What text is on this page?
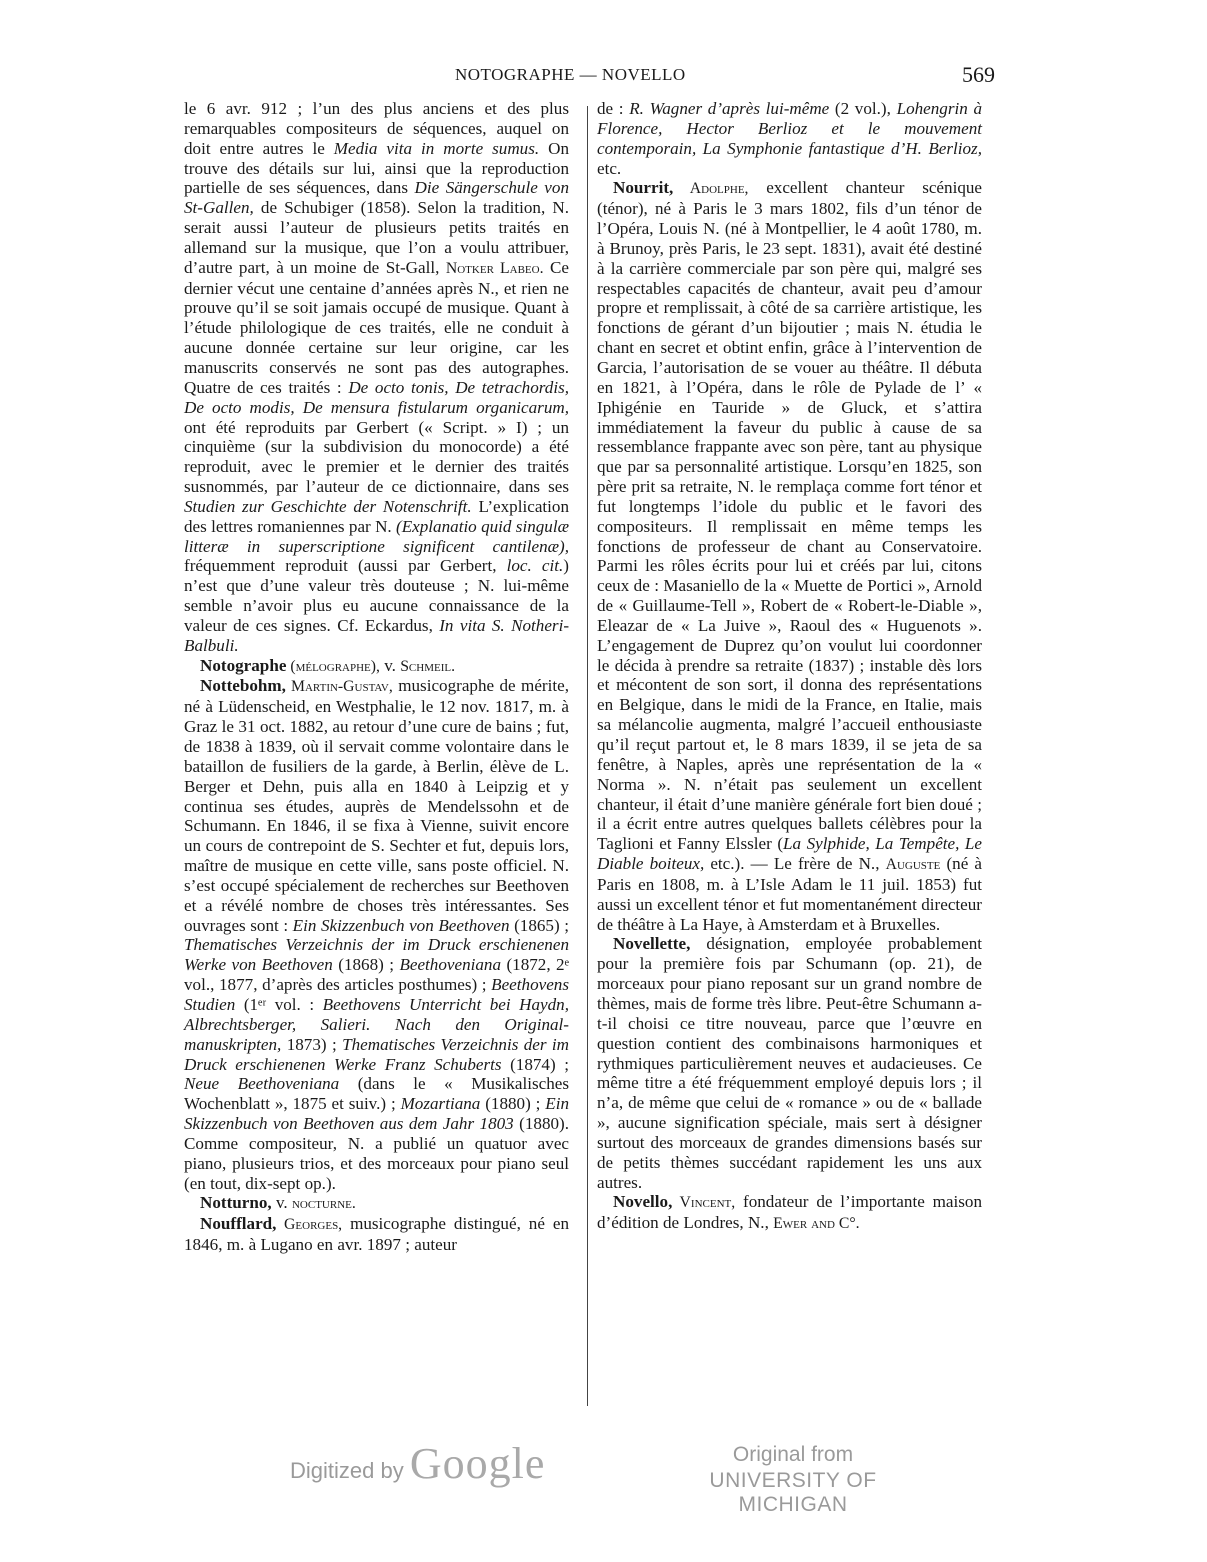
NOTOGRAPHE — NOVELLO	569

le 6 avr. 912 ; l’un des plus anciens et des plus remarquables compositeurs de séquences, auquel on doit entre autres le Media vita in morte sumus. On trouve des détails sur lui, ainsi que la reproduction partielle de ses séquences, dans Die Sängerschule von St-Gallen, de Schubiger (1858). Selon la tradition, N. serait aussi l’auteur de plusieurs petits traités en allemand sur la musique, que l’on a voulu attribuer, d’autre part, à un moine de St-Gall, Notker Labeo. Ce dernier vécut une centaine d’années après N., et rien ne prouve qu’il se soit jamais occupé de musique. Quant à l’étude philologique de ces traités, elle ne conduit à aucune donnée certaine sur leur origine, car les manuscrits conservés ne sont pas des autographes. Quatre de ces traités : De octo tonis, De tetrachordis, De octo modis, De mensura fistularum organicarum, ont été reproduits par Gerbert (« Script. » I) ; un cinquième (sur la subdivision du monocorde) a été reproduit, avec le premier et le dernier des traités susnommés, par l’auteur de ce dictionnaire, dans ses Studien zur Geschichte der Notenschrift. L’explication des lettres romaniennes par N. (Explanatio quid singulæ litteræ in superscriptione significent cantilenæ), fréquemment reproduit (aussi par Gerbert, loc. cit.) n’est que d’une valeur très douteuse ; N. lui-même semble n’avoir plus eu aucune connaissance de la valeur de ces signes. Cf. Eckardus, In vita S. Notheri-Balbuli.

Notographe (mélographe), v. Schmeil.

Nottebohm, Martin-Gustav, musicographe de mérite, né à Lüdenscheid, en Westphalie, le 12 nov. 1817, m. à Graz le 31 oct. 1882, au retour d’une cure de bains ; fut, de 1838 à 1839, où il servait comme volontaire dans le bataillon de fusiliers de la garde, à Berlin, élève de L. Berger et Dehn, puis alla en 1840 à Leipzig et y continua ses études, auprès de Mendelssohn et de Schumann. En 1846, il se fixa à Vienne, suivit encore un cours de contrepoint de S. Sechter et fut, depuis lors, maître de musique en cette ville, sans poste officiel. N. s’est occupé spécialement de recherches sur Beethoven et a révélé nombre de choses très intéressantes. Ses ouvrages sont : Ein Skizzenbuch von Beethoven (1865) ; Thematisches Verzeichnis der im Druck erschienenen Werke von Beethoven (1868) ; Beethoveniana (1872, 2ᵉ vol., 1877, d’après des articles posthumes) ; Beethovens Studien (1ᵉʳ vol. : Beethovens Unterricht bei Haydn, Albrechtsberger, Salieri. Nach den Original-manuskripten, 1873) ; Thematisches Verzeichnis der im Druck erschienenen Werke Franz Schuberts (1874) ; Neue Beethoveniana (dans le « Musikalisches Wochenblatt », 1875 et suiv.) ; Mozartiana (1880) ; Ein Skizzenbuch von Beethoven aus dem Jahr 1803 (1880). Comme compositeur, N. a publié un quatuor avec piano, plusieurs trios, et des morceaux pour piano seul (en tout, dix-sept op.).

Notturno, v. nocturne.

Noufflard, Georges, musicographe distingué, né en 1846, m. à Lugano en avr. 1897 ; auteur

de : R. Wagner d’après lui-même (2 vol.), Lohengrin à Florence, Hector Berlioz et le mouvement contemporain, La Symphonie fantastique d’H. Berlioz, etc.

Nourrit, Adolphe, excellent chanteur scénique (ténor), né à Paris le 3 mars 1802, fils d’un ténor de l’Opéra, Louis N. (né à Montpellier, le 4 août 1780, m. à Brunoy, près Paris, le 23 sept. 1831), avait été destiné à la carrière commerciale par son père qui, malgré ses respectables capacités de chanteur, avait peu d’amour propre et remplissait, à côté de sa carrière artistique, les fonctions de gérant d’un bijoutier ; mais N. étudia le chant en secret et obtint enfin, grâce à l’intervention de Garcia, l’autorisation de se vouer au théâtre. Il débuta en 1821, à l’Opéra, dans le rôle de Pylade de l’ « Iphigénie en Tauride » de Gluck, et s’attira immédiatement la faveur du public à cause de sa ressemblance frappante avec son père, tant au physique que par sa personnalité artistique. Lorsqu’en 1825, son père prit sa retraite, N. le remplaça comme fort ténor et fut longtemps l’idole du public et le favori des compositeurs. Il remplissait en même temps les fonctions de professeur de chant au Conservatoire. Parmi les rôles écrits pour lui et créés par lui, citons ceux de : Masaniello de la « Muette de Portici », Arnold de « Guillaume-Tell », Robert de « Robert-le-Diable », Eleazar de « La Juive », Raoul des « Huguenots ». L’engagement de Duprez qu’on voulut lui coordonner le décida à prendre sa retraite (1837) ; instable dès lors et mécontent de son sort, il donna des représentations en Belgique, dans le midi de la France, en Italie, mais sa mélancolie augmenta, malgré l’accueil enthousiaste qu’il reçut partout et, le 8 mars 1839, il se jeta de sa fenêtre, à Naples, après une représentation de la « Norma ». N. n’était pas seulement un excellent chanteur, il était d’une manière générale fort bien doué ; il a écrit entre autres quelques ballets célèbres pour la Taglioni et Fanny Elssler (La Sylphide, La Tempête, Le Diable boiteux, etc.). — Le frère de N., Auguste (né à Paris en 1808, m. à L’Isle Adam le 11 juil. 1853) fut aussi un excellent ténor et fut momentanément directeur de théâtre à La Haye, à Amsterdam et à Bruxelles.

Novellette, désignation, employée probablement pour la première fois par Schumann (op. 21), de morceaux pour piano reposant sur un grand nombre de thèmes, mais de forme très libre. Peut-être Schumann a-t-il choisi ce titre nouveau, parce que l’œuvre en question contient des combinaisons harmoniques et rythmiques particulièrement neuves et audacieuses. Ce même titre a été fréquemment employé depuis lors ; il n’a, de même que celui de « romance » ou de « ballade », aucune signification spéciale, mais sert à désigner surtout des morceaux de grandes dimensions basés sur de petits thèmes succédant rapidement les uns aux autres.

Novello, Vincent, fondateur de l’importante maison d’édition de Londres, N., Ewer and C°.

Digitized by Google	Original from
UNIVERSITY OF MICHIGAN
